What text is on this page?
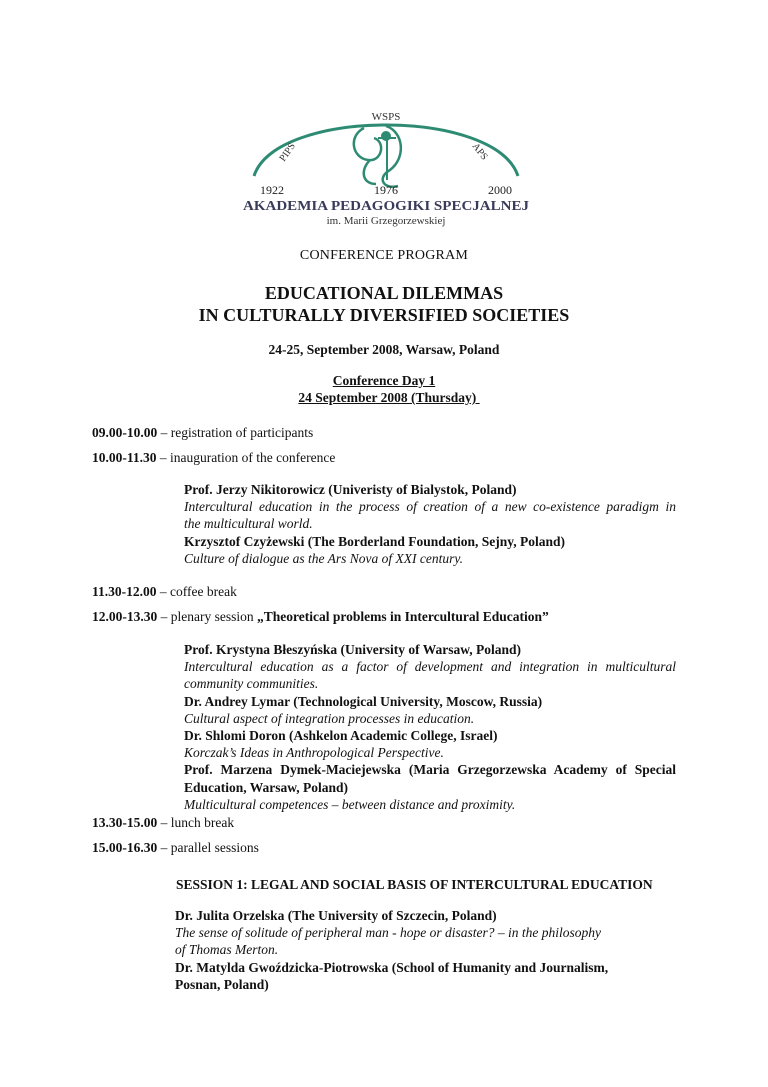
WSPS
PIPS	APS
1922	1976	2000
AKADEMIA PEDAGOGIKI SPECJALNEJ
im. Marii Grzegorzewskiej
CONFERENCE PROGRAM
EDUCATIONAL DILEMMAS
IN CULTURALLY DIVERSIFIED SOCIETIES
24-25, September 2008, Warsaw, Poland
Conference Day 1
24 September 2008 (Thursday)
09.00-10.00 – registration of participants
10.00-11.30 – inauguration of the conference
Prof. Jerzy Nikitorowicz (Univeristy of Bialystok, Poland)
Intercultural education in the process of creation of a new co-existence paradigm in
the multicultural world.
Krzysztof Czyżewski (The Borderland Foundation, Sejny, Poland)
Culture of dialogue as the Ars Nova of XXI century.
11.30-12.00 – coffee break
12.00-13.30 – plenary session „Theoretical problems in Intercultural Education”
Prof. Krystyna Błeszyńska (University of Warsaw, Poland)
Intercultural education as a factor of development and integration in multicultural
community communities.
Dr. Andrey Lymar (Technological University, Moscow, Russia)
Cultural aspect of integration processes in education.
Dr. Shlomi Doron (Ashkelon Academic College, Israel)
Korczak’s Ideas in Anthropological Perspective.
Prof. Marzena Dymek-Maciejewska (Maria Grzegorzewska Academy of Special
Education, Warsaw, Poland)
Multicultural competences – between distance and proximity.
13.30-15.00 – lunch break
15.00-16.30 – parallel sessions
SESSION 1: LEGAL AND SOCIAL BASIS OF INTERCULTURAL EDUCATION
Dr. Julita Orzelska (The University of Szczecin, Poland)
The sense of solitude of peripheral man - hope or disaster? – in the philosophy
of Thomas Merton.
Dr. Matylda Gwoździcka-Piotrowska (School of Humanity and Journalism,
Posnan, Poland)
